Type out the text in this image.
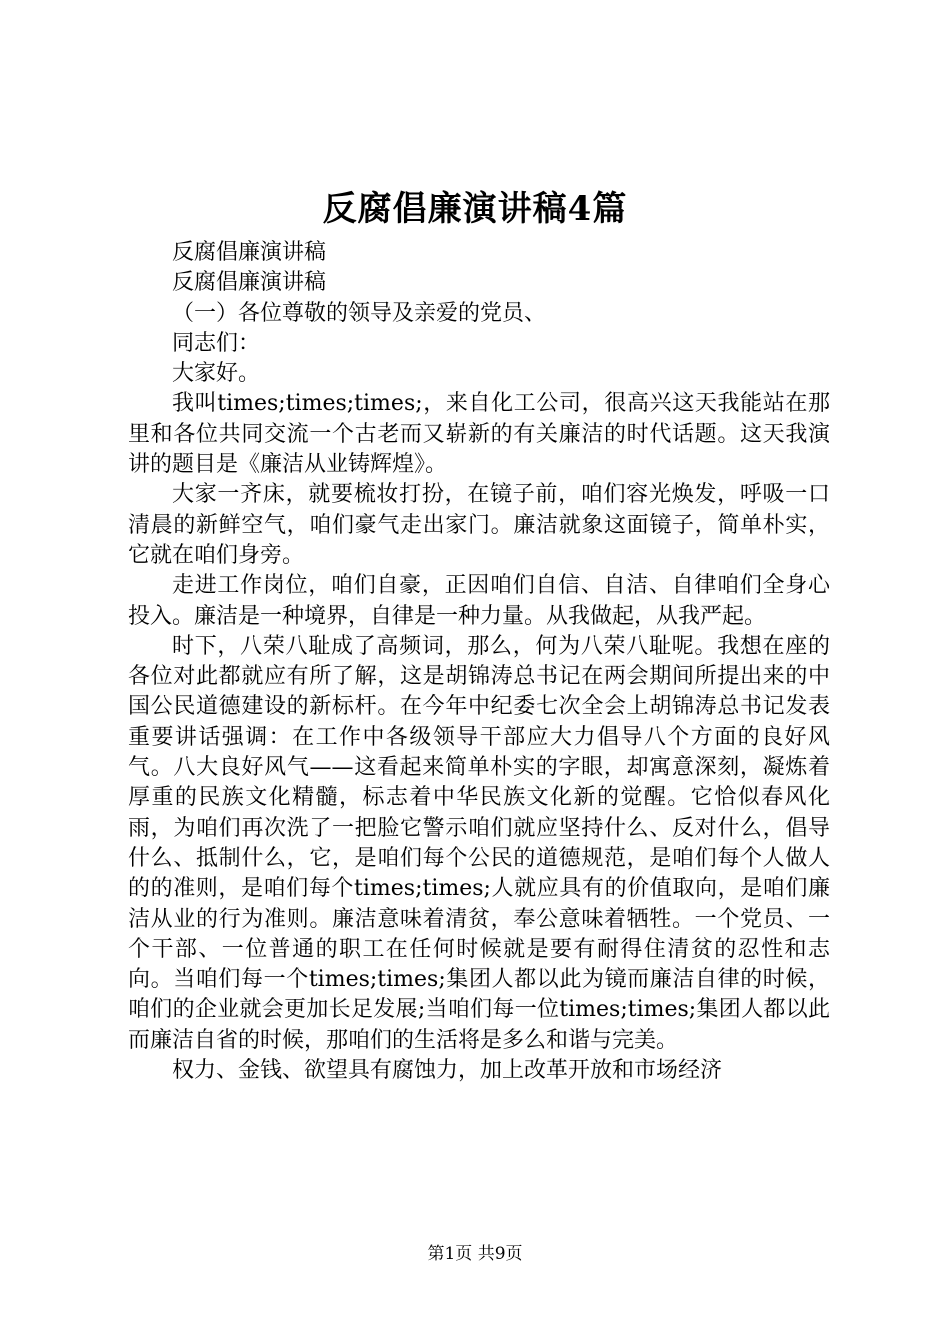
反腐倡廉演讲稿4篇

反腐倡廉演讲稿

反腐倡廉演讲稿

（一）各位尊敬的领导及亲爱的党员、

同志们：

大家好。

我叫times;times;times;，来自化工公司，很高兴这天我能站在那里和各位共同交流一个古老而又崭新的有关廉洁的时代话题。这天我演讲的题目是《廉洁从业铸辉煌》。

大家一齐床，就要梳妆打扮，在镜子前，咱们容光焕发，呼吸一口清晨的新鲜空气，咱们豪气走出家门。廉洁就象这面镜子，简单朴实，它就在咱们身旁。

走进工作岗位，咱们自豪，正因咱们自信、自洁、自律咱们全身心投入。廉洁是一种境界，自律是一种力量。从我做起，从我严起。

时下，八荣八耻成了高频词，那么，何为八荣八耻呢。我想在座的各位对此都就应有所了解，这是胡锦涛总书记在两会期间所提出来的中国公民道德建设的新标杆。在今年中纪委七次全会上胡锦涛总书记发表重要讲话强调：在工作中各级领导干部应大力倡导八个方面的良好风气。八大良好风气——这看起来简单朴实的字眼，却寓意深刻，凝炼着厚重的民族文化精髓，标志着中华民族文化新的觉醒。它恰似春风化雨，为咱们再次洗了一把脸它警示咱们就应坚持什么、反对什么，倡导什么、抵制什么，它，是咱们每个公民的道德规范，是咱们每个人做人的的准则，是咱们每个times;times;人就应具有的价值取向，是咱们廉洁从业的行为准则。廉洁意味着清贫，奉公意味着牺牲。一个党员、一个干部、一位普通的职工在任何时候就是要有耐得住清贫的忍性和志向。当咱们每一个times;times;集团人都以此为镜而廉洁自律的时候，咱们的企业就会更加长足发展;当咱们每一位times;times;集团人都以此而廉洁自省的时候，那咱们的生活将是多么和谐与完美。

权力、金钱、欲望具有腐蚀力，加上改革开放和市场经济

第1页 共9页
